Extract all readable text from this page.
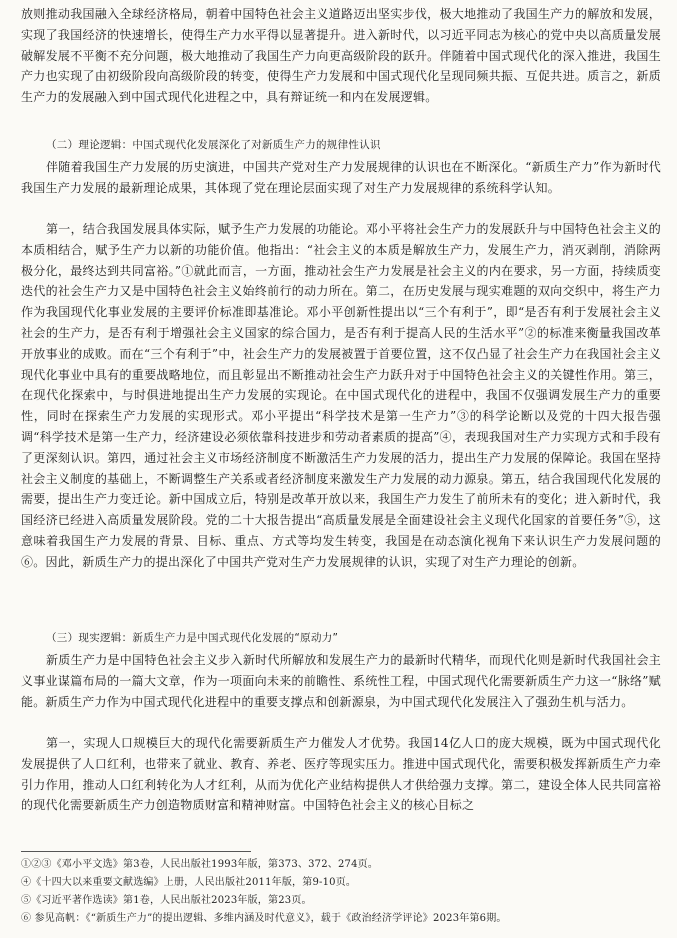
放则推动我国融入全球经济格局，朝着中国特色社会主义道路迈出坚实步伐，极大地推动了我国生产力的解放和发展，实现了我国经济的快速增长，使得生产力水平得以显著提升。进入新时代，以习近平同志为核心的党中央以高质量发展破解发展不平衡不充分问题，极大地推动了我国生产力向更高级阶段的跃升。伴随着中国式现代化的深入推进，我国生产力也实现了由初级阶段向高级阶段的转变，使得生产力发展和中国式现代化呈现同频共振、互促共进。质言之，新质生产力的发展融入到中国式现代化进程之中，具有辩证统一和内在发展逻辑。

（二）理论逻辑：中国式现代化发展深化了对新质生产力的规律性认识

伴随着我国生产力发展的历史演进，中国共产党对生产力发展规律的认识也在不断深化。“新质生产力”作为新时代我国生产力发展的最新理论成果，其体现了党在理论层面实现了对生产力发展规律的系统科学认知。

第一，结合我国发展具体实际，赋予生产力发展的功能论。邓小平将社会生产力的发展跃升与中国特色社会主义的本质相结合，赋予生产力以新的功能价值。他指出：“社会主义的本质是解放生产力，发展生产力，消灭剥削，消除两极分化，最终达到共同富裕。”①就此而言，一方面，推动社会生产力发展是社会主义的内在要求，另一方面，持续质变迭代的社会生产力又是中国特色社会主义始终前行的动力所在。第二，在历史发展与现实难题的双向交织中，将生产力作为我国现代化事业发展的主要评价标准即基准论。邓小平创新性提出以“三个有利于”，即“是否有利于发展社会主义社会的生产力，是否有利于增强社会主义国家的综合国力，是否有利于提高人民的生活水平”②的标准来衡量我国改革开放事业的成败。而在“三个有利于”中，社会生产力的发展被置于首要位置，这不仅凸显了社会生产力在我国社会主义现代化事业中具有的重要战略地位，而且彰显出不断推动社会生产力跃升对于中国特色社会主义的关键性作用。第三，在现代化探索中，与时俱进地提出生产力发展的实现论。在中国式现代化的进程中，我国不仅强调发展生产力的重要性，同时在探索生产力发展的实现形式。邓小平提出“科学技术是第一生产力”③的科学论断以及党的十四大报告强调“科学技术是第一生产力，经济建设必须依靠科技进步和劳动者素质的提高”④，表现我国对生产力实现方式和手段有了更深刻认识。第四，通过社会主义市场经济制度不断激活生产力发展的活力，提出生产力发展的保障论。我国在坚持社会主义制度的基础上，不断调整生产关系或者经济制度来激发生产力发展的动力源泉。第五，结合我国现代化发展的需要，提出生产力变迁论。新中国成立后，特别是改革开放以来，我国生产力发生了前所未有的变化；进入新时代，我国经济已经进入高质量发展阶段。党的二十大报告提出“高质量发展是全面建设社会主义现代化国家的首要任务”⑤，这意味着我国生产力发展的背景、目标、重点、方式等均发生转变，我国是在动态演化视角下来认识生产力发展问题的⑥。因此，新质生产力的提出深化了中国共产党对生产力发展规律的认识，实现了对生产力理论的创新。

（三）现实逻辑：新质生产力是中国式现代化发展的“原动力”

新质生产力是中国特色社会主义步入新时代所解放和发展生产力的最新时代精华，而现代化则是新时代我国社会主义事业谋篇布局的一篇大文章，作为一项面向未来的前瞻性、系统性工程，中国式现代化需要新质生产力这一“脉络”赋能。新质生产力作为中国式现代化进程中的重要支撑点和创新源泉，为中国式现代化发展注入了强劲生机与活力。

第一，实现人口规模巨大的现代化需要新质生产力催发人才优势。我国14亿人口的庞大规模，既为中国式现代化发展提供了人口红利，也带来了就业、教育、养老、医疗等现实压力。推进中国式现代化，需要积极发挥新质生产力牵引力作用，推动人口红利转化为人才红利，从而为优化产业结构提供人才供给强力支撑。第二，建设全体人民共同富裕的现代化需要新质生产力创造物质财富和精神财富。中国特色社会主义的核心目标之

①②③《邓小平文选》第3卷，人民出版社1993年版，第373、372、274页。

④《十四大以来重要文献选编》上册，人民出版社2011年版，第9-10页。

⑤《习近平著作选读》第1卷，人民出版社2023年版，第23页。

⑥ 参见高帆：《“新质生产力”的提出逻辑、多维内涵及时代意义》，载于《政治经济学评论》2023年第6期。
